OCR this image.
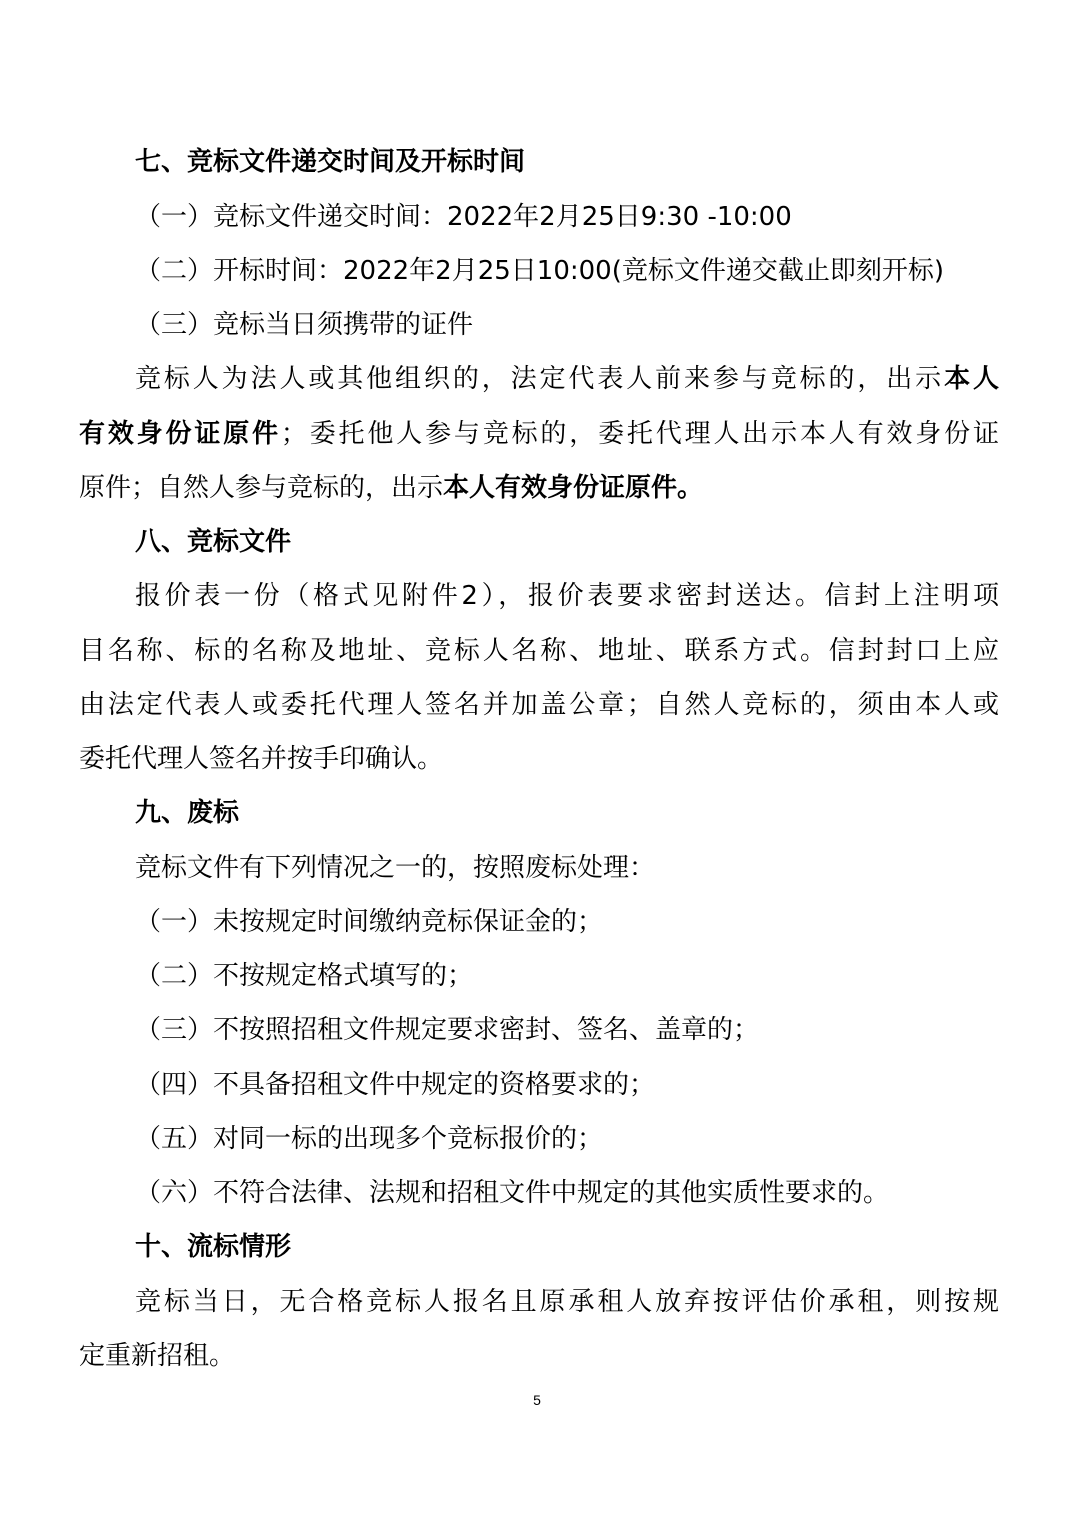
七、竞标文件递交时间及开标时间
（一）竞标文件递交时间：2022年2月25日9:30 -10:00
（二）开标时间：2022年2月25日10:00(竞标文件递交截止即刻开标)
（三）竞标当日须携带的证件
竞标人为法人或其他组织的，法定代表人前来参与竞标的，出示本人
有效身份证原件；委托他人参与竞标的，委托代理人出示本人有效身份证
原件；自然人参与竞标的，出示本人有效身份证原件。
八、竞标文件
报价表一份（格式见附件2），报价表要求密封送达。信封上注明项
目名称、标的名称及地址、竞标人名称、地址、联系方式。信封封口上应
由法定代表人或委托代理人签名并加盖公章；自然人竞标的，须由本人或
委托代理人签名并按手印确认。
九、废标
竞标文件有下列情况之一的，按照废标处理：
（一）未按规定时间缴纳竞标保证金的；
（二）不按规定格式填写的；
（三）不按照招租文件规定要求密封、签名、盖章的；
（四）不具备招租文件中规定的资格要求的；
（五）对同一标的出现多个竞标报价的；
（六）不符合法律、法规和招租文件中规定的其他实质性要求的。
十、流标情形
竞标当日，无合格竞标人报名且原承租人放弃按评估价承租，则按规
定重新招租。
5
